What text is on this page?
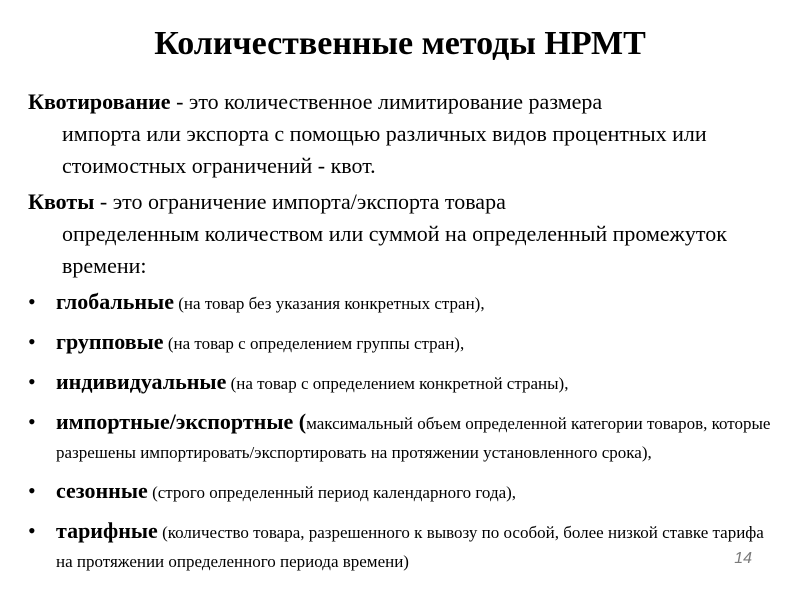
Количественные методы НРМТ
Квотирование - это количественное лимитирование размера
импорта или экспорта с помощью различных видов процентных или стоимостных ограничений - квот.
Квоты - это ограничение импорта/экспорта товара
определенным количеством или суммой на определенный промежуток времени:
• глобальные (на товар без указания конкретных стран),
• групповые (на товар с определением группы стран),
• индивидуальные (на товар с определением конкретной страны),
• импортные/экспортные (максимальный объем определенной категории товаров, которые разрешены импортировать/экспортировать на протяжении установленного срока),
• сезонные (строго определенный период календарного года),
• тарифные (количество товара, разрешенного к вывозу по особой, более низкой ставке тарифа на протяжении определенного периода времени)	14
